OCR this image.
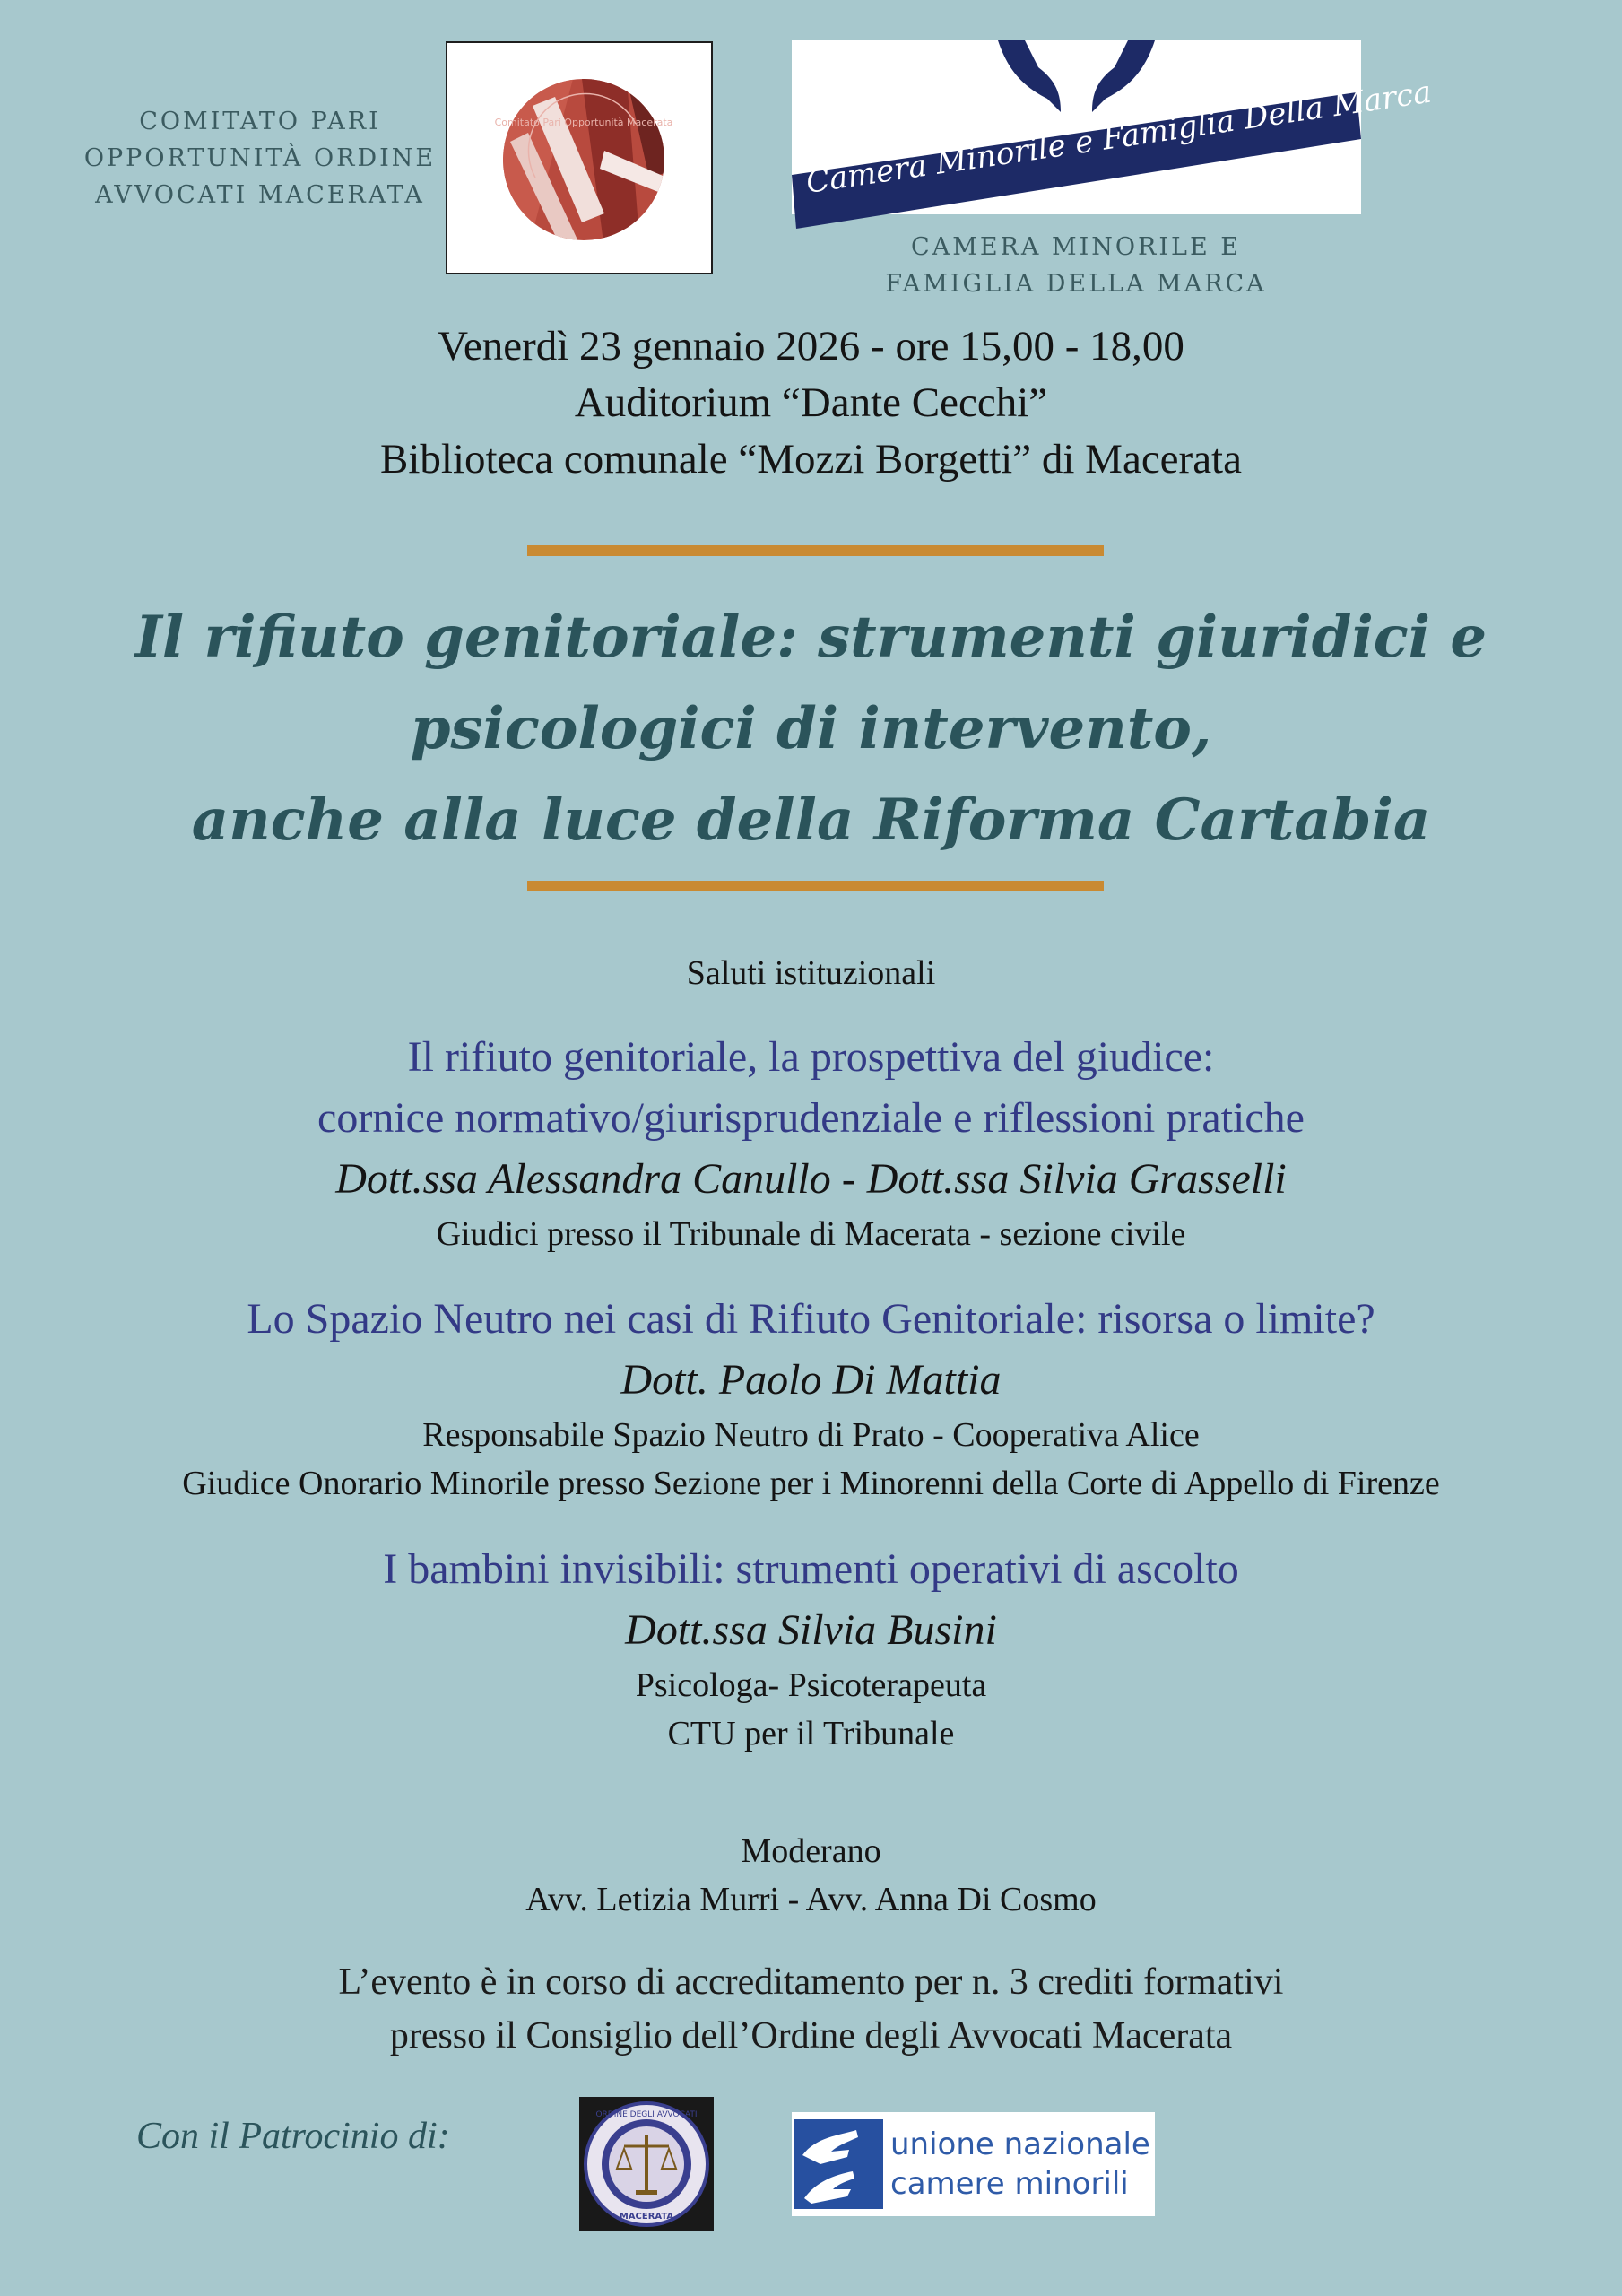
COMITATO PARI
OPPORTUNITÀ ORDINE
AVVOCATI MACERATA
Comitato Pari Opportunità Macerata	Camera Minorile e Famiglia Della Marca
CAMERA MINORILE E
FAMIGLIA DELLA MARCA
Venerdì 23 gennaio 2026 - ore 15,00 - 18,00
Auditorium “Dante Cecchi”
Biblioteca comunale “Mozzi Borgetti” di Macerata
Il rifiuto genitoriale: strumenti giuridici e
psicologici di intervento,
anche alla luce della Riforma Cartabia
Saluti istituzionali
Il rifiuto genitoriale, la prospettiva del giudice:
cornice normativo/giurisprudenziale e riflessioni pratiche
Dott.ssa Alessandra Canullo - Dott.ssa Silvia Grasselli
Giudici presso il Tribunale di Macerata - sezione civile
Lo Spazio Neutro nei casi di Rifiuto Genitoriale: risorsa o limite?
Dott. Paolo Di Mattia
Responsabile Spazio Neutro di Prato - Cooperativa Alice
Giudice Onorario Minorile presso Sezione per i Minorenni della Corte di Appello di Firenze
I bambini invisibili: strumenti operativi di ascolto
Dott.ssa Silvia Busini
Psicologa- Psicoterapeuta
CTU per il Tribunale
Moderano
Avv. Letizia Murri - Avv. Anna Di Cosmo
L’evento è in corso di accreditamento per n. 3 crediti formativi
presso il Consiglio dell’Ordine degli Avvocati Macerata
Con il Patrocinio di:
ORDINE DEGLI AVVOCATI
MACERATA
unione nazionale
camere minorili
